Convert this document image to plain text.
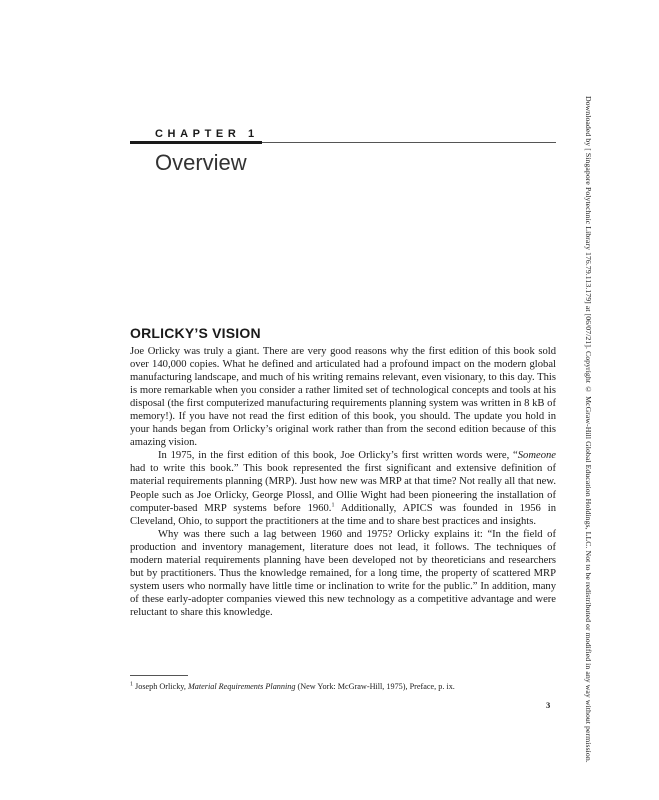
CHAPTER 1
Overview
ORLICKY’S VISION

Joe Orlicky was truly a giant. There are very good reasons why the first edition of this book sold over 140,000 copies. What he defined and articulated had a profound impact on the modern global manufacturing landscape, and much of his writing remains relevant, even visionary, to this day. This is more remarkable when you consider a rather limited set of technological concepts and tools at his disposal (the first computerized manufacturing requirements planning system was written in 8 kB of memory!). If you have not read the first edition of this book, you should. The update you hold in your hands began from Orlicky’s original work rather than from the second edition because of this amazing vision.

In 1975, in the first edition of this book, Joe Orlicky’s first written words were, “Someone had to write this book.” This book represented the first significant and extensive definition of material requirements planning (MRP). Just how new was MRP at that time? Not really all that new. People such as Joe Orlicky, George Plossl, and Ollie Wight had been pioneering the installation of computer-based MRP systems before 1960.$^1$ Additionally, APICS was founded in 1956 in Cleveland, Ohio, to support the practitioners at the time and to share best practices and insights.

Why was there such a lag between 1960 and 1975? Orlicky explains it: “In the field of production and inventory management, literature does not lead, it follows. The techniques of modern material requirements planning have been developed not by theoreticians and researchers but by practitioners. Thus the knowledge remained, for a long time, the property of scattered MRP system users who normally have little time or inclination to write for the public.” In addition, many of these early-adopter companies viewed this new technology as a competitive advantage and were reluctant to share this knowledge.

$^1$ Joseph Orlicky, Material Requirements Planning (New York: McGraw-Hill, 1975), Preface, p. ix.
3	Downloaded by [ Singapore Polytechnic Library 176.79.113.179] at [06/07/21]. Copyright © McGraw-Hill Global Education Holdings, LLC. Not to be redistributed or modified in any way without permission.
